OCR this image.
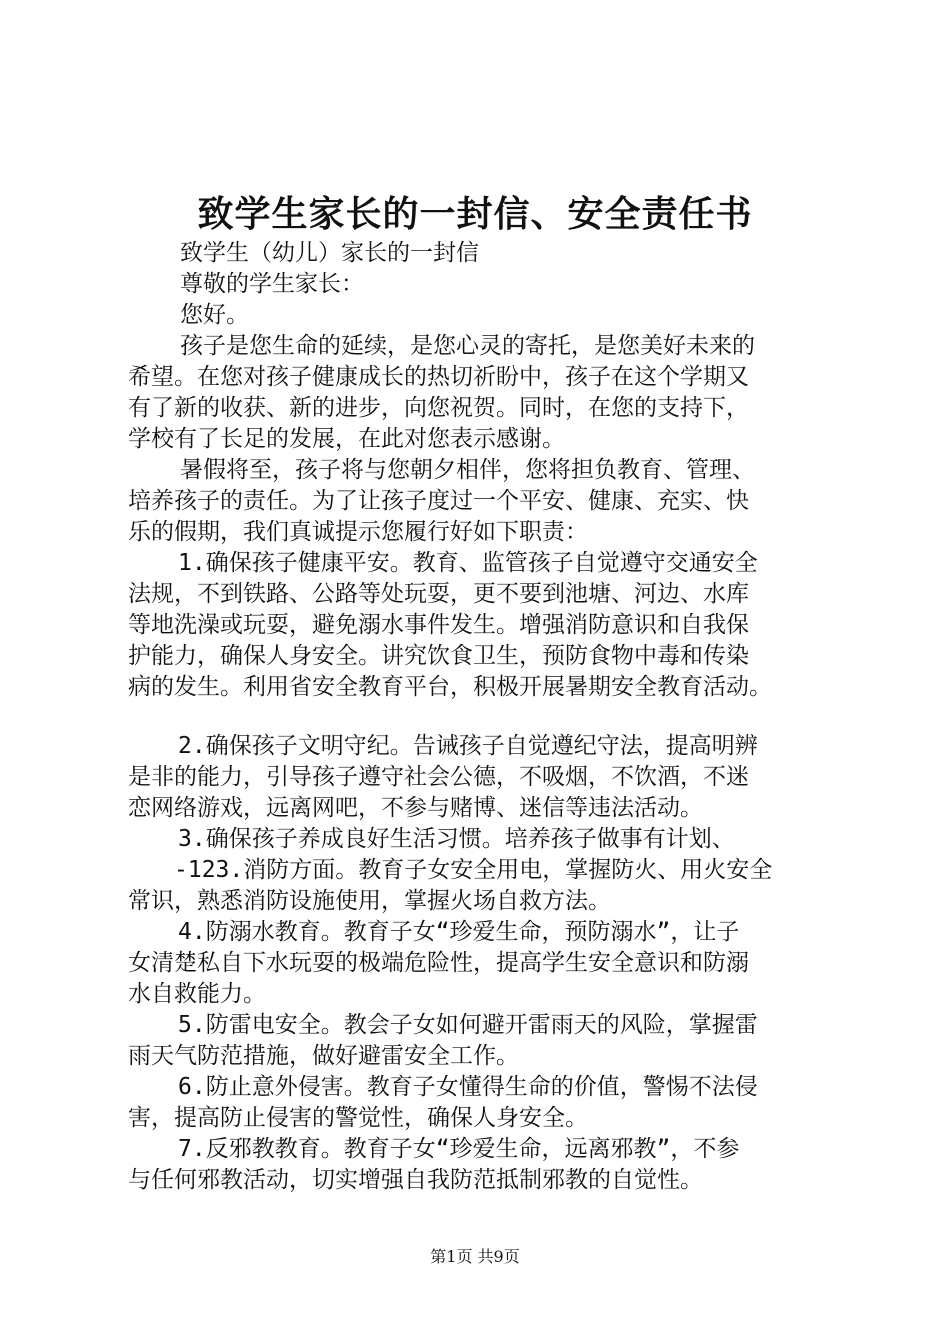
致学生家长的一封信、安全责任书
致学生（幼儿）家长的一封信
尊敬的学生家长：
您好。
孩子是您生命的延续，是您心灵的寄托，是您美好未来的
希望。在您对孩子健康成长的热切祈盼中，孩子在这个学期又
有了新的收获、新的进步，向您祝贺。同时，在您的支持下，
学校有了长足的发展，在此对您表示感谢。
暑假将至，孩子将与您朝夕相伴，您将担负教育、管理、
培养孩子的责任。为了让孩子度过一个平安、健康、充实、快
乐的假期，我们真诚提示您履行好如下职责：
1.确保孩子健康平安。教育、监管孩子自觉遵守交通安全
法规，不到铁路、公路等处玩耍，更不要到池塘、河边、水库
等地洗澡或玩耍，避免溺水事件发生。增强消防意识和自我保
护能力，确保人身安全。讲究饮食卫生，预防食物中毒和传染
病的发生。利用省安全教育平台，积极开展暑期安全教育活动。
2.确保孩子文明守纪。告诫孩子自觉遵纪守法，提高明辨
是非的能力，引导孩子遵守社会公德，不吸烟，不饮酒，不迷
恋网络游戏，远离网吧，不参与赌博、迷信等违法活动。
3.确保孩子养成良好生活习惯。培养孩子做事有计划、
-123.消防方面。教育子女安全用电，掌握防火、用火安全
常识，熟悉消防设施使用，掌握火场自救方法。
4.防溺水教育。教育子女“珍爱生命，预防溺水”，让子
女清楚私自下水玩耍的极端危险性，提高学生安全意识和防溺
水自救能力。
5.防雷电安全。教会子女如何避开雷雨天的风险，掌握雷
雨天气防范措施，做好避雷安全工作。
6.防止意外侵害。教育子女懂得生命的价值，警惕不法侵
害，提高防止侵害的警觉性，确保人身安全。
7.反邪教教育。教育子女“珍爱生命，远离邪教”，不参
与任何邪教活动，切实增强自我防范抵制邪教的自觉性。
第1页 共9页
